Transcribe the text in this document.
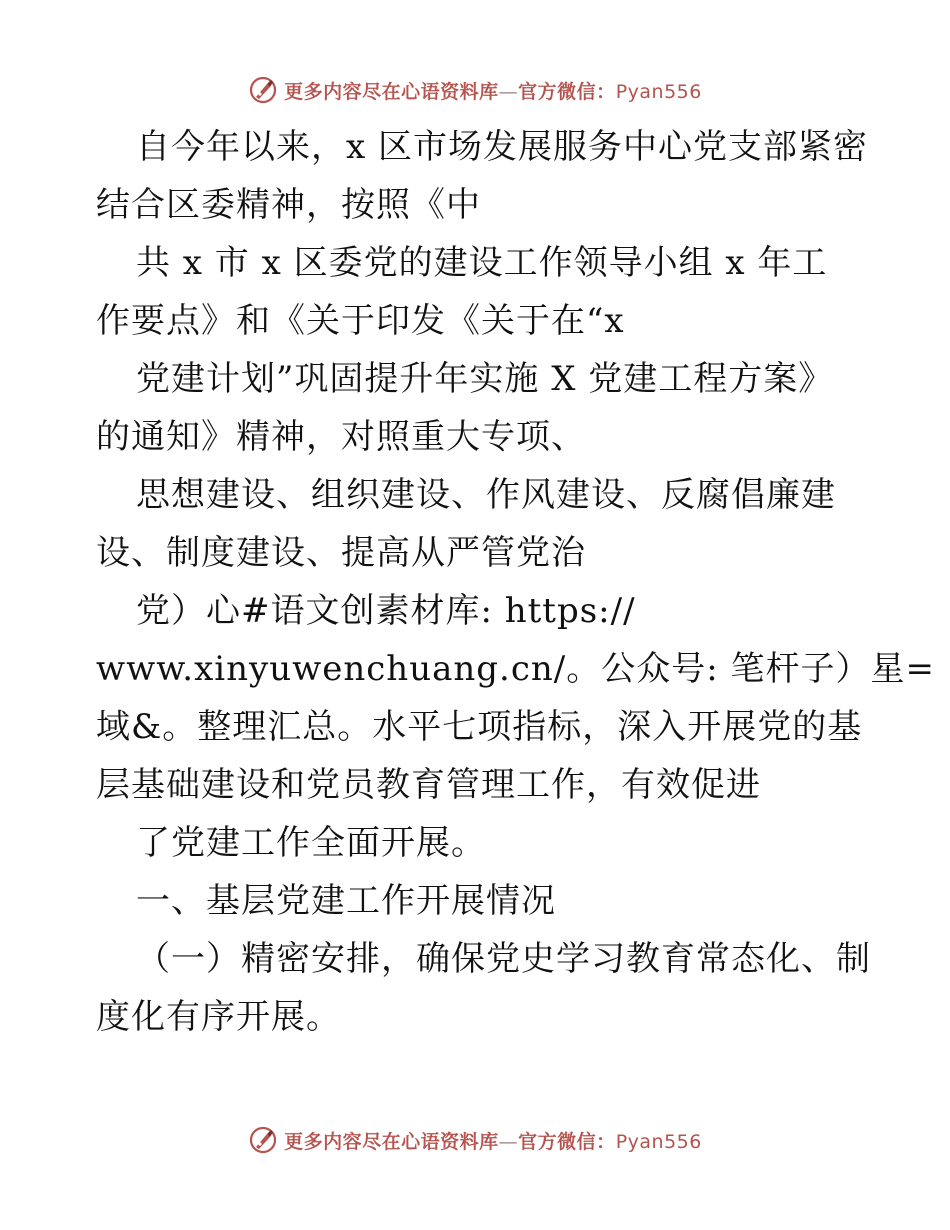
更多内容尽在心语资料库—官方微信：Pyan556
自今年以来，x 区市场发展服务中心党支部紧密
结合区委精神，按照《中
共 x 市 x 区委党的建设工作领导小组 x 年工
作要点》和《关于印发《关于在“x
党建计划”巩固提升年实施 X 党建工程方案》
的通知》精神，对照重大专项、
思想建设、组织建设、作风建设、反腐倡廉建
设、制度建设、提高从严管党治
党）心#语文创素材库: https://
www.xinyuwenchuang.cn/。公众号: 笔杆子）星=
域&。整理汇总。水平七项指标，深入开展党的基
层基础建设和党员教育管理工作，有效促进
了党建工作全面开展。
一、基层党建工作开展情况
（一）精密安排，确保党史学习教育常态化、制
度化有序开展。
更多内容尽在心语资料库—官方微信：Pyan556
